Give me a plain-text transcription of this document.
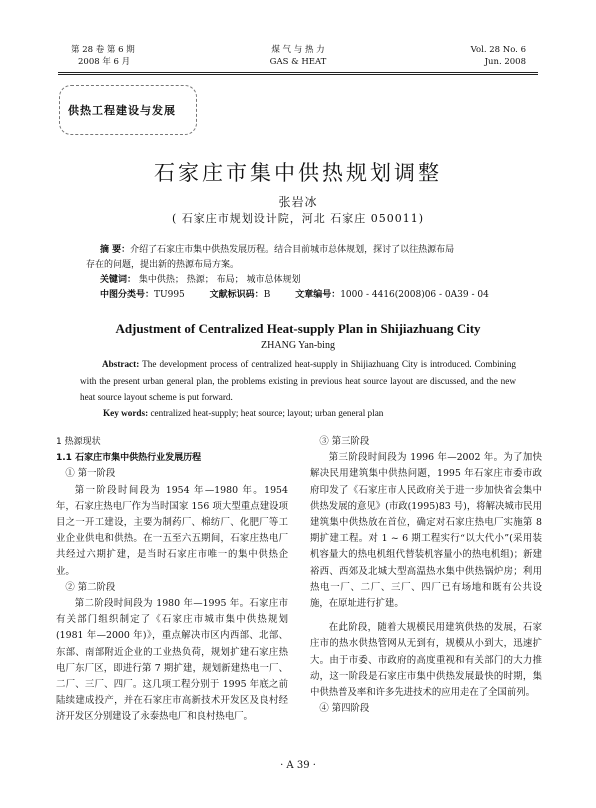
第 28 卷 第 6 期
2008 年 6 月
煤 气 与 热 力
GAS & HEAT
Vol. 28 No. 6
Jun. 2008
供热工程建设与发展
石家庄市集中供热规划调整
张岩冰
( 石家庄市规划设计院，河北 石家庄 050011)
摘 要：介绍了石家庄市集中供热发展历程。结合目前城市总体规划，探讨了以往热源布局
存在的问题，提出新的热源布局方案。
关键词： 集中供热； 热源； 布局； 城市总体规划
中图分类号：TU995	文献标识码：B	文章编号：1000 - 4416(2008)06 - 0A39 - 04
Adjustment of Centralized Heat-supply Plan in Shijiazhuang City
ZHANG Yan-bing
Abstract: The development process of centralized heat-supply in Shijiazhuang City is introduced. Combining with the present urban general plan, the problems existing in previous heat source layout are discussed, and the new heat source layout scheme is put forward.
Key words: centralized heat-supply; heat source; layout; urban general plan

1 热源现状

1.1 石家庄市集中供热行业发展历程

① 第一阶段

第一阶段时间段为 1954 年—1980 年。1954 年，石家庄热电厂作为当时国家 156 项大型重点建设项目之一开工建设，主要为制药厂、棉纺厂、化肥厂等工业企业供电和供热。在一五至六五期间，石家庄热电厂共经过六期扩建，是当时石家庄市唯一的集中供热企业。

② 第二阶段

第二阶段时间段为 1980 年—1995 年。石家庄市有关部门组织制定了《石家庄市城市集中供热规划(1981 年—2000 年)》，重点解决市区内西部、北部、东部、南部附近企业的工业热负荷，规划扩建石家庄热电厂东厂区，即进行第 7 期扩建，规划新建热电一厂、二厂、三厂、四厂。这几项工程分别于 1995 年底之前陆续建成投产，并在石家庄市高新技术开发区及良村经济开发区分别建设了永泰热电厂和良村热电厂。

③ 第三阶段

第三阶段时间段为 1996 年—2002 年。为了加快解决民用建筑集中供热问题，1995 年石家庄市委市政府印发了《石家庄市人民政府关于进一步加快省会集中供热发展的意见》(市政(1995)83 号)，将解决城市民用建筑集中供热放在首位，确定对石家庄热电厂实施第 8 期扩建工程。对 1 ~ 6 期工程实行“以大代小”(采用装机容量大的热电机组代替装机容量小的热电机组)；新建裕西、西郊及北城大型高温热水集中供热锅炉房；利用热电一厂、二厂、三厂、四厂已有场地和既有公共设施，在原址进行扩建。

在此阶段，随着大规模民用建筑供热的发展，石家庄市的热水供热管网从无到有，规模从小到大，迅速扩大。由于市委、市政府的高度重视和有关部门的大力推动，这一阶段是石家庄市集中供热发展最快的时期，集中供热普及率和许多先进技术的应用走在了全国前列。

④ 第四阶段

· A 39 ·
